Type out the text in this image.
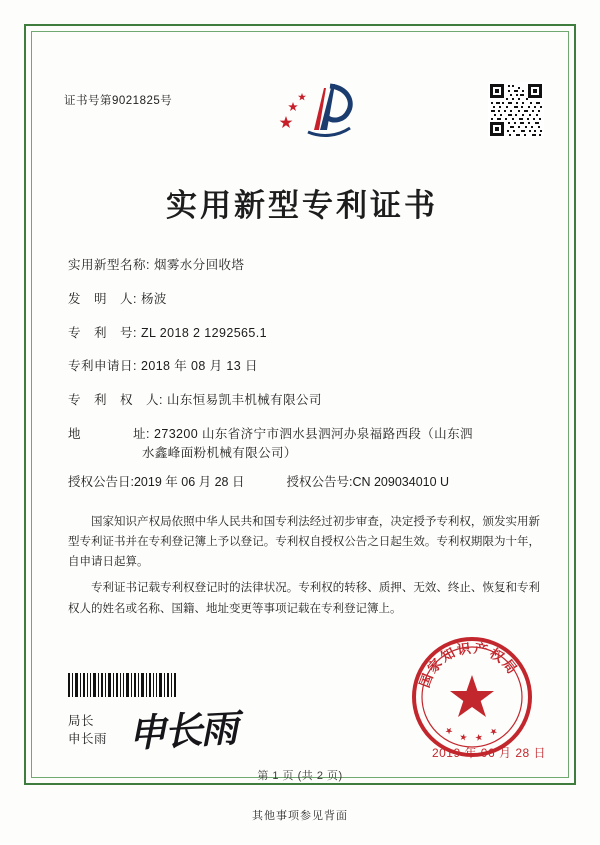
证书号第9021825号
实用新型专利证书
实用新型名称: 烟雾水分回收塔
发　明　人: 杨波
专　利　号: ZL 2018 2 1292565.1
专利申请日: 2018 年 08 月 13 日
专　利　权　人: 山东恒易凯丰机械有限公司
地　　　　址: 273200 山东省济宁市泗水县泗河办泉福路西段（山东泗
水鑫峰面粉机械有限公司）
授权公告日: 2019 年 06 月 28 日	授权公告号: CN 209034010 U

国家知识产权局依照中华人民共和国专利法经过初步审查，决定授予专利权，颁发实用新型专利证书并在专利登记簿上予以登记。专利权自授权公告之日起生效。专利权期限为十年，自申请日起算。

专利证书记载专利权登记时的法律状况。专利权的转移、质押、无效、终止、恢复和专利权人的姓名或名称、国籍、地址变更等事项记载在专利登记簿上。

局长
申长雨 申长雨
国家知识产权局
★ ★ ★ ★
2019 年 06 月 28 日
第 1 页 (共 2 页)
其他事项参见背面
